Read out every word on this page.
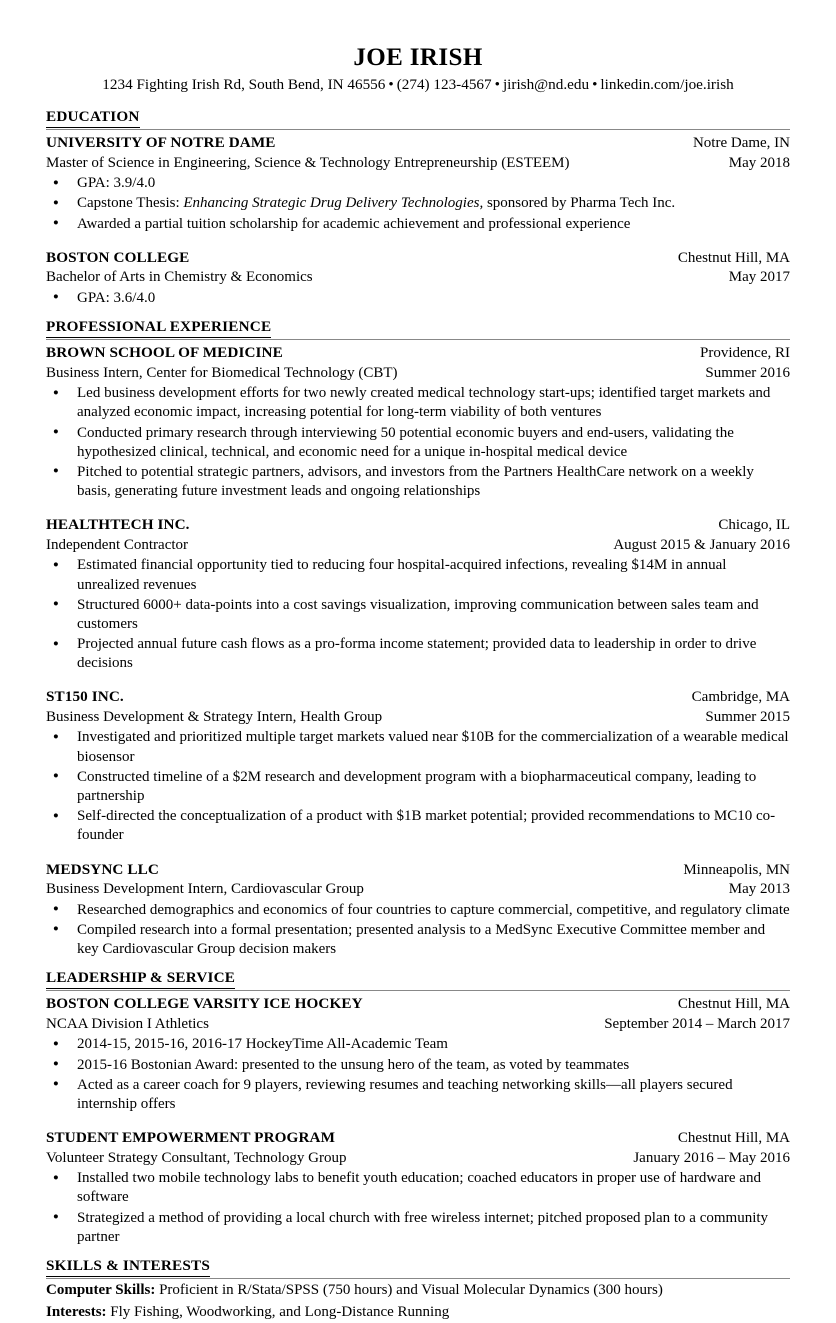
JOE IRISH
1234 Fighting Irish Rd, South Bend, IN 46556 • (274) 123-4567 • jirish@nd.edu • linkedin.com/joe.irish
EDUCATION
UNIVERSITY OF NOTRE DAME	Notre Dame, IN
Master of Science in Engineering, Science & Technology Entrepreneurship (ESTEEM)	May 2018
● GPA: 3.9/4.0
● Capstone Thesis: Enhancing Strategic Drug Delivery Technologies, sponsored by Pharma Tech Inc.
● Awarded a partial tuition scholarship for academic achievement and professional experience
BOSTON COLLEGE	Chestnut Hill, MA
Bachelor of Arts in Chemistry & Economics	May 2017
● GPA: 3.6/4.0
PROFESSIONAL EXPERIENCE
BROWN SCHOOL OF MEDICINE	Providence, RI
Business Intern, Center for Biomedical Technology (CBT)	Summer 2016
● Led business development efforts for two newly created medical technology start-ups; identified target markets and analyzed economic impact, increasing potential for long-term viability of both ventures
● Conducted primary research through interviewing 50 potential economic buyers and end-users, validating the hypothesized clinical, technical, and economic need for a unique in-hospital medical device
● Pitched to potential strategic partners, advisors, and investors from the Partners HealthCare network on a weekly basis, generating future investment leads and ongoing relationships
HEALTHTECH INC.	Chicago, IL
Independent Contractor	August 2015 & January 2016
● Estimated financial opportunity tied to reducing four hospital-acquired infections, revealing $14M in annual unrealized revenues
● Structured 6000+ data-points into a cost savings visualization, improving communication between sales team and customers
● Projected annual future cash flows as a pro-forma income statement; provided data to leadership in order to drive decisions
ST150 INC.	Cambridge, MA
Business Development & Strategy Intern, Health Group	Summer 2015
● Investigated and prioritized multiple target markets valued near $10B for the commercialization of a wearable medical biosensor
● Constructed timeline of a $2M research and development program with a biopharmaceutical company, leading to partnership
● Self-directed the conceptualization of a product with $1B market potential; provided recommendations to MC10 co-founder
MEDSYNC LLC	Minneapolis, MN
Business Development Intern, Cardiovascular Group	May 2013
● Researched demographics and economics of four countries to capture commercial, competitive, and regulatory climate
● Compiled research into a formal presentation; presented analysis to a MedSync Executive Committee member and key Cardiovascular Group decision makers
LEADERSHIP & SERVICE
BOSTON COLLEGE VARSITY ICE HOCKEY	Chestnut Hill, MA
NCAA Division I Athletics	September 2014 – March 2017
● 2014-15, 2015-16, 2016-17 HockeyTime All-Academic Team
● 2015-16 Bostonian Award: presented to the unsung hero of the team, as voted by teammates
● Acted as a career coach for 9 players, reviewing resumes and teaching networking skills—all players secured internship offers
STUDENT EMPOWERMENT PROGRAM	Chestnut Hill, MA
Volunteer Strategy Consultant, Technology Group	January 2016 – May 2016
● Installed two mobile technology labs to benefit youth education; coached educators in proper use of hardware and software
● Strategized a method of providing a local church with free wireless internet; pitched proposed plan to a community partner
SKILLS & INTERESTS
Computer Skills: Proficient in R/Stata/SPSS (750 hours) and Visual Molecular Dynamics (300 hours)
Interests: Fly Fishing, Woodworking, and Long-Distance Running
